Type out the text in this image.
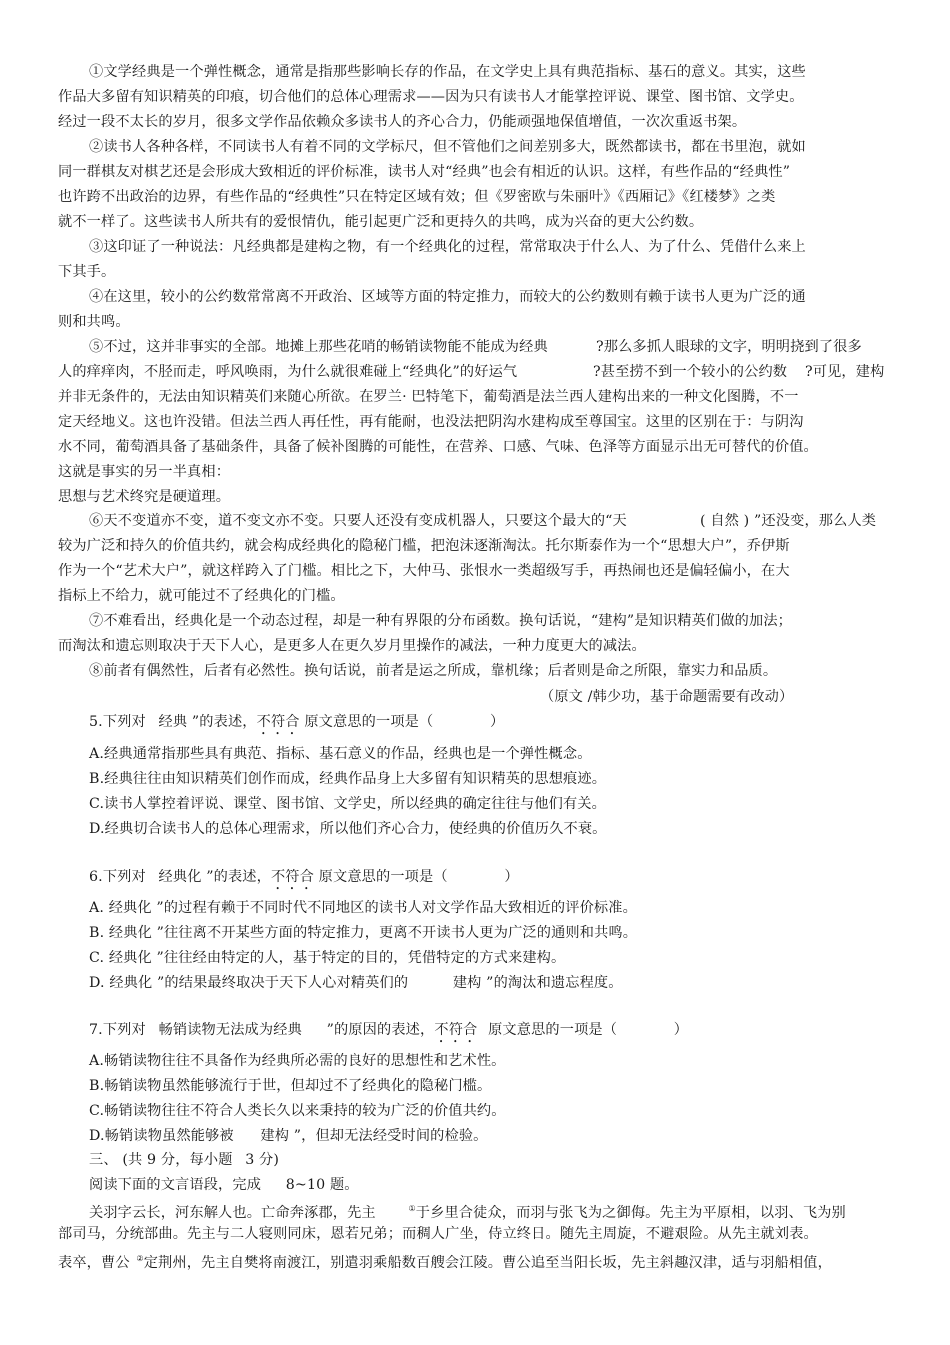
①文学经典是一个弹性概念，通常是指那些影响长存的作品，在文学史上具有典范指标、基石的意义。其实，这些
作品大多留有知识精英的印痕，切合他们的总体心理需求——因为只有读书人才能掌控评说、课堂、图书馆、文学史。
经过一段不太长的岁月，很多文学作品依赖众多读书人的齐心合力，仍能顽强地保值增值，一次次重返书架。
②读书人各种各样，不同读书人有着不同的文学标尺，但不管他们之间差别多大，既然都读书，都在书里泡，就如
同一群棋友对棋艺还是会形成大致相近的评价标准，读书人对“经典”也会有相近的认识。这样，有些作品的“经典性”
也许跨不出政治的边界，有些作品的“经典性”只在特定区域有效；但《罗密欧与朱丽叶》《西厢记》《红楼梦》之类
就不一样了。这些读书人所共有的爱恨情仇，能引起更广泛和更持久的共鸣，成为兴奋的更大公约数。
③这印证了一种说法：凡经典都是建构之物，有一个经典化的过程，常常取决于什么人、为了什么、凭借什么来上
下其手。
④在这里，较小的公约数常常离不开政治、区域等方面的特定推力，而较大的公约数则有赖于读书人更为广泛的通
则和共鸣。
⑤不过，这并非事实的全部。地摊上那些花哨的畅销读物能不能成为经典	?那么多抓人眼球的文字，明明挠到了很多
人的痒痒肉，不胫而走，呼风唤雨，为什么就很难碰上“经典化”的好运气	?甚至捞不到一个较小的公约数 ?可见，建构
并非无条件的，无法由知识精英们来随心所欲。在罗兰· 巴特笔下，葡萄酒是法兰西人建构出来的一种文化图腾，不一
定天经地义。这也许没错。但法兰西人再任性，再有能耐，也没法把阴沟水建构成至尊国宝。这里的区别在于：与阴沟
水不同，葡萄酒具备了基础条件，具备了候补图腾的可能性，在营养、口感、气味、色泽等方面显示出无可替代的价值。
这就是事实的另一半真相：
思想与艺术终究是硬道理。
⑥天不变道亦不变，道不变文亦不变。只要人还没有变成机器人，只要这个最大的“天	( 自然 ) ”还没变，那么人类
较为广泛和持久的价值共约，就会构成经典化的隐秘门槛，把泡沫逐渐淘汰。托尔斯泰作为一个“思想大户”，乔伊斯
作为一个“艺术大户”，就这样跨入了门槛。相比之下，大仲马、张恨水一类超级写手，再热闹也还是偏轻偏小，在大
指标上不给力，就可能过不了经典化的门槛。
⑦不难看出，经典化是一个动态过程，却是一种有界限的分布函数。换句话说，“建构”是知识精英们做的加法；
而淘汰和遗忘则取决于天下人心，是更多人在更久岁月里操作的减法，一种力度更大的减法。
⑧前者有偶然性，后者有必然性。换句话说，前者是运之所成，靠机缘；后者则是命之所限，靠实力和品质。
（原文 /韩少功，基于命题需要有改动）
5.下列对 经典 ”的表述，不符合 原文意思的一项是（	）
A.经典通常指那些具有典范、指标、基石意义的作品，经典也是一个弹性概念。
B.经典往往由知识精英们创作而成，经典作品身上大多留有知识精英的思想痕迹。
C.读书人掌控着评说、课堂、图书馆、文学史，所以经典的确定往往与他们有关。
D.经典切合读书人的总体心理需求，所以他们齐心合力，使经典的价值历久不衰。
6.下列对 经典化 ”的表述，不符合 原文意思的一项是（	）
A. 经典化 ”的过程有赖于不同时代不同地区的读书人对文学作品大致相近的评价标准。
B. 经典化 ”往往离不开某些方面的特定推力，更离不开读书人更为广泛的通则和共鸣。
C. 经典化 ”往往经由特定的人，基于特定的目的，凭借特定的方式来建构。
D. 经典化 ”的结果最终取决于天下人心对精英们的	建构 ”的淘汰和遗忘程度。
7.下列对 畅销读物无法成为经典 ”的原因的表述，不符合 原文意思的一项是（	）
A.畅销读物往往不具备作为经典所必需的良好的思想性和艺术性。
B.畅销读物虽然能够流行于世，但却过不了经典化的隐秘门槛。
C.畅销读物往往不符合人类长久以来秉持的较为广泛的价值共约。
D.畅销读物虽然能够被 建构 ”，但却无法经受时间的检验。
三、 (共 9 分，每小题 3 分)
阅读下面的文言语段，完成 8~10 题。
关羽字云长，河东解人也。亡命奔涿郡，先主	①于乡里合徒众，而羽与张飞为之御侮。先主为平原相，以羽、飞为别
部司马，分统部曲。先主与二人寝则同床，恩若兄弟；而稠人广坐，侍立终日。随先主周旋，不避艰险。从先主就刘表。
表卒，曹公 ②定荆州，先主自樊将南渡江，别遣羽乘船数百艘会江陵。曹公追至当阳长坂，先主斜趣汉津，适与羽船相值，
